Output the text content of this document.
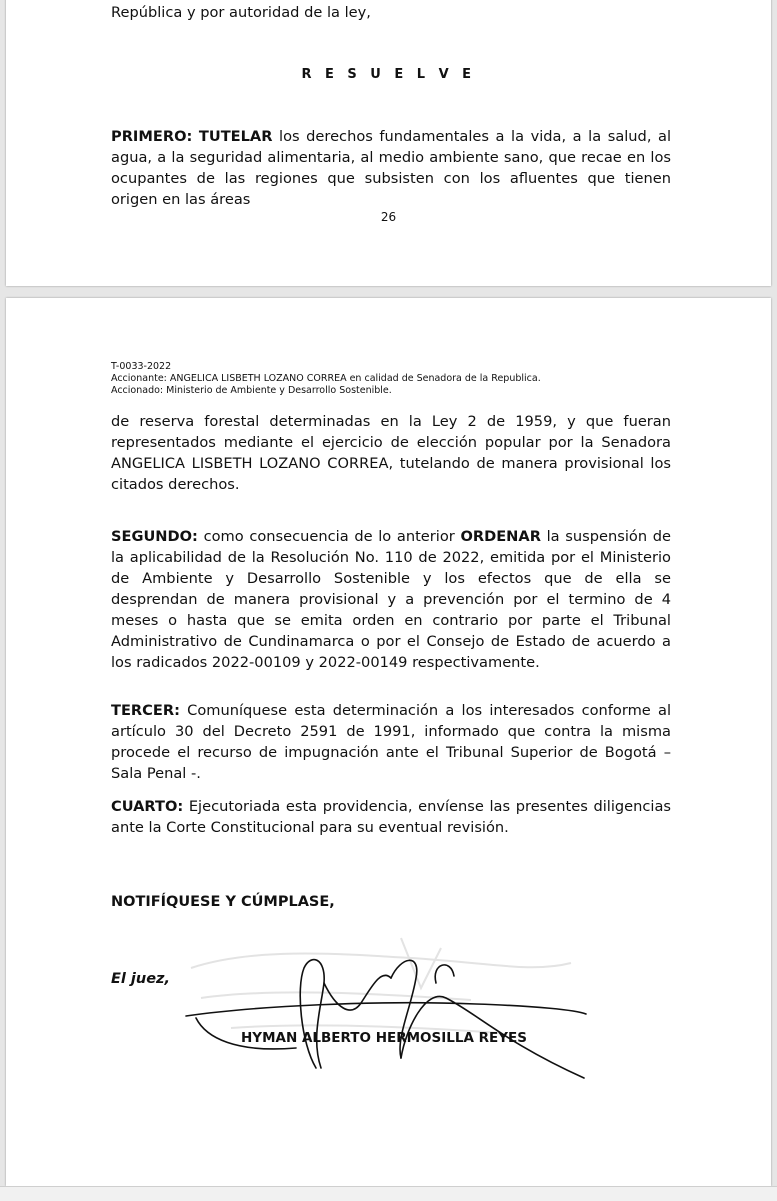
República y por autoridad de la ley,

R E S U E L V E

PRIMERO: TUTELAR los derechos fundamentales a la vida, a la salud, al agua, a la seguridad alimentaria, al medio ambiente sano, que recae en los ocupantes de las regiones que subsisten con los afluentes que tienen origen en las áreas

26

T-0033-2022
Accionante: ANGELICA LISBETH LOZANO CORREA en calidad de Senadora de la Republica.
Accionado: Ministerio de Ambiente y Desarrollo Sostenible.

de reserva forestal determinadas en la Ley 2 de 1959, y que fueran representados mediante el ejercicio de elección popular por la Senadora ANGELICA LISBETH LOZANO CORREA, tutelando de manera provisional los citados derechos.

SEGUNDO: como consecuencia de lo anterior ORDENAR la suspensión de la aplicabilidad de la Resolución No. 110 de 2022, emitida por el Ministerio de Ambiente y Desarrollo Sostenible y los efectos que de ella se desprendan de manera provisional y a prevención por el termino de 4 meses o hasta que se emita orden en contrario por parte el Tribunal Administrativo de Cundinamarca o por el Consejo de Estado de acuerdo a los radicados 2022-00109 y 2022-00149 respectivamente.

TERCER: Comuníquese esta determinación a los interesados conforme al artículo 30 del Decreto 2591 de 1991, informado que contra la misma procede el recurso de impugnación ante el Tribunal Superior de Bogotá – Sala Penal -.

CUARTO: Ejecutoriada esta providencia, envíense las presentes diligencias ante la Corte Constitucional para su eventual revisión.

NOTIFÍQUESE Y CÚMPLASE,

El juez,

HYMAN ALBERTO HERMOSILLA REYES
